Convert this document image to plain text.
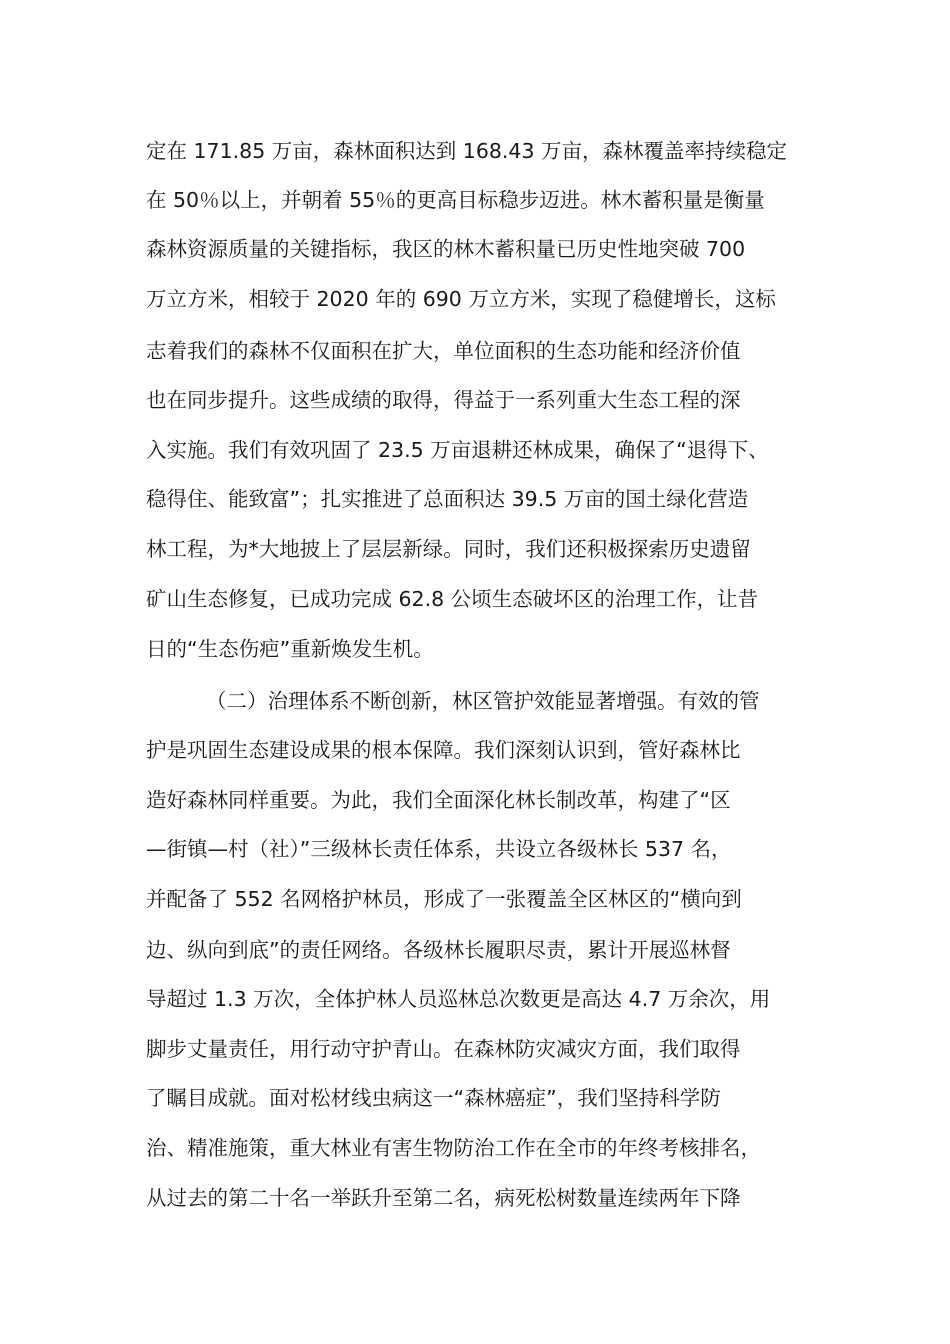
定在 171.85 万亩，森林面积达到 168.43 万亩，森林覆盖率持续稳定

在 50％以上，并朝着 55％的更高目标稳步迈进。林木蓄积量是衡量

森林资源质量的关键指标，我区的林木蓄积量已历史性地突破 700

万立方米，相较于 2020 年的 690 万立方米，实现了稳健增长，这标

志着我们的森林不仅面积在扩大，单位面积的生态功能和经济价值

也在同步提升。这些成绩的取得，得益于一系列重大生态工程的深

入实施。我们有效巩固了 23.5 万亩退耕还林成果，确保了“退得下、

稳得住、能致富”；扎实推进了总面积达 39.5 万亩的国土绿化营造

林工程，为*大地披上了层层新绿。同时，我们还积极探索历史遗留

矿山生态修复，已成功完成 62.8 公顷生态破坏区的治理工作，让昔

日的“生态伤疤”重新焕发生机。

（二）治理体系不断创新，林区管护效能显著增强。有效的管

护是巩固生态建设成果的根本保障。我们深刻认识到，管好森林比

造好森林同样重要。为此，我们全面深化林长制改革，构建了“区

—街镇—村（社）”三级林长责任体系，共设立各级林长 537 名，

并配备了 552 名网格护林员，形成了一张覆盖全区林区的“横向到

边、纵向到底”的责任网络。各级林长履职尽责，累计开展巡林督

导超过 1.3 万次，全体护林人员巡林总次数更是高达 4.7 万余次，用

脚步丈量责任，用行动守护青山。在森林防灾减灾方面，我们取得

了瞩目成就。面对松材线虫病这一“森林癌症”，我们坚持科学防

治、精准施策，重大林业有害生物防治工作在全市的年终考核排名，

从过去的第二十名一举跃升至第二名，病死松树数量连续两年下降
